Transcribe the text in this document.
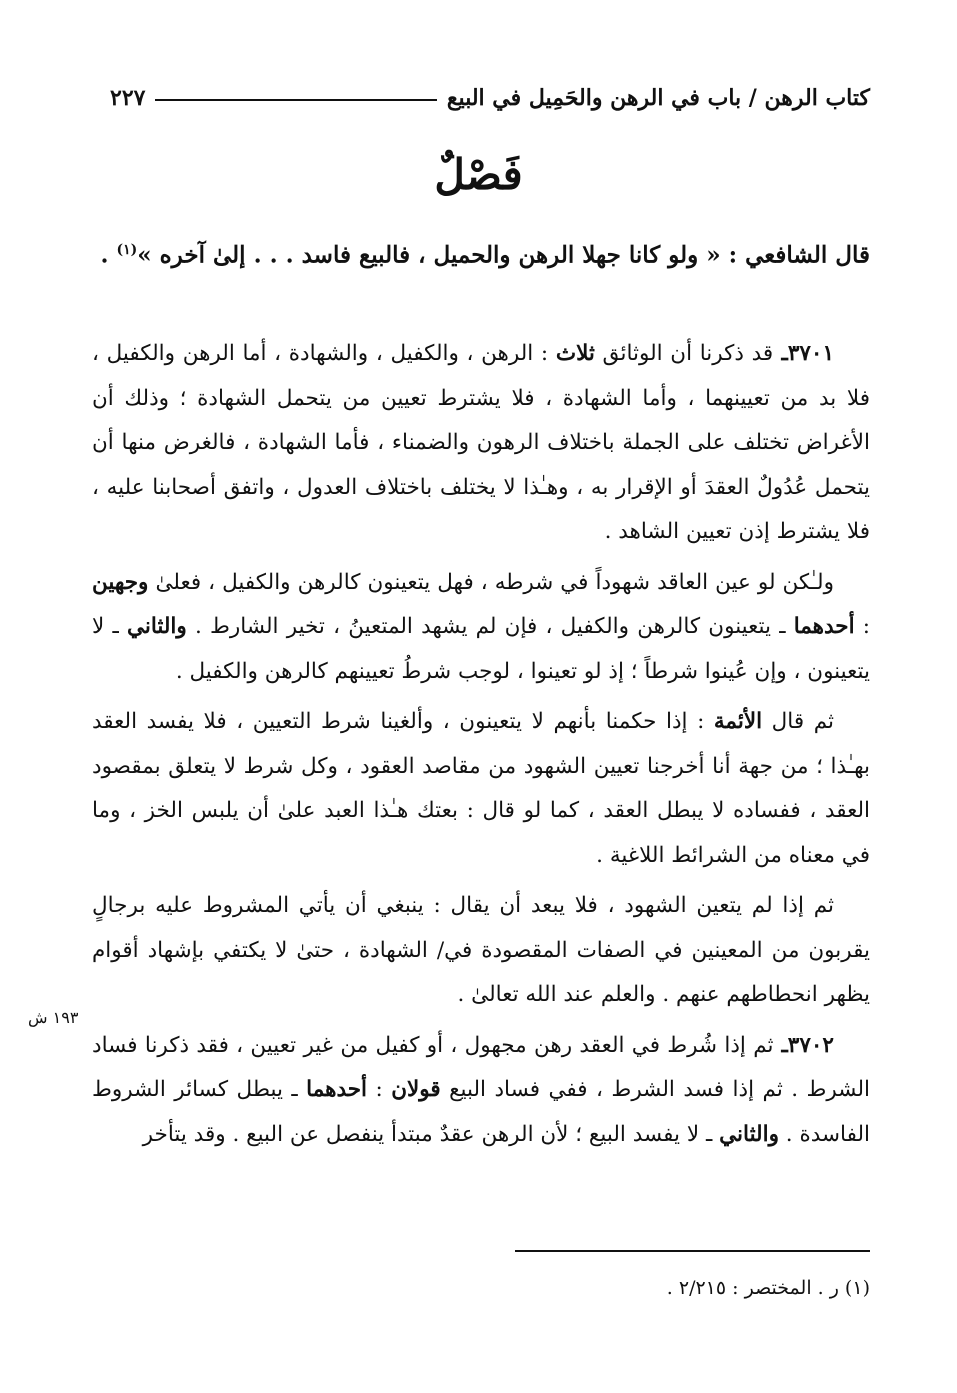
كتاب الرهن / باب في الرهن والحَمِيل في البيع
٢٢٧
فَصْلٌ
قال الشافعي : « ولو كانا جهلا الرهن والحميل ، فالبيع فاسد . . . إلىٰ آخره »$^{(١)}$ .

٣٧٠١ـ قد ذكرنا أن الوثائق ثلاث : الرهن ، والكفيل ، والشهادة ، أما الرهن والكفيل ، فلا بد من تعيينهما ، وأما الشهادة ، فلا يشترط تعيين من يتحمل الشهادة ؛ وذلك أن الأغراض تختلف على الجملة باختلاف الرهون والضمناء ، فأما الشهادة ، فالغرض منها أن يتحمل عُدُولٌ العقدَ أو الإقرار به ، وهـٰذا لا يختلف باختلاف العدول ، واتفق أصحابنا عليه ، فلا يشترط إذن تعيين الشاهد .

ولـٰكن لو عين العاقد شهوداً في شرطه ، فهل يتعينون كالرهن والكفيل ، فعلىٰ وجهين : أحدهما ـ يتعينون كالرهن والكفيل ، فإن لم يشهد المتعينُ ، تخير الشارط . والثاني ـ لا يتعينون ، وإن عُينوا شرطاً ؛ إذ لو تعينوا ، لوجب شرطُ تعيينهم كالرهن والكفيل .

ثم قال الأئمة : إذا حكمنا بأنهم لا يتعينون ، وألغينا شرط التعيين ، فلا يفسد العقد بهـٰذا ؛ من جهة أنا أخرجنا تعيين الشهود من مقاصد العقود ، وكل شرط لا يتعلق بمقصود العقد ، ففساده لا يبطل العقد ، كما لو قال : بعتك هـٰذا العبد علىٰ أن يلبس الخز ، وما في معناه من الشرائط اللاغية .

ثم إذا لم يتعين الشهود ، فلا يبعد أن يقال : ينبغي أن يأتي المشروط عليه برجالٍ يقربون من المعينين في الصفات المقصودة في/ الشهادة ، حتىٰ لا يكتفي بإشهاد أقوام يظهر انحطاطهم عنهم . والعلم عند الله تعالىٰ .

٣٧٠٢ـ ثم إذا شُرط في العقد رهن مجهول ، أو كفيل من غير تعيين ، فقد ذكرنا فساد الشرط . ثم إذا فسد الشرط ، ففي فساد البيع قولان : أحدهما ـ يبطل كسائر الشروط الفاسدة . والثاني ـ لا يفسد البيع ؛ لأن الرهن عقدٌ مبتدأ ينفصل عن البيع . وقد يتأخر

١٩٣ ش
(١) ر . المختصر : ٢/٢١٥ .
